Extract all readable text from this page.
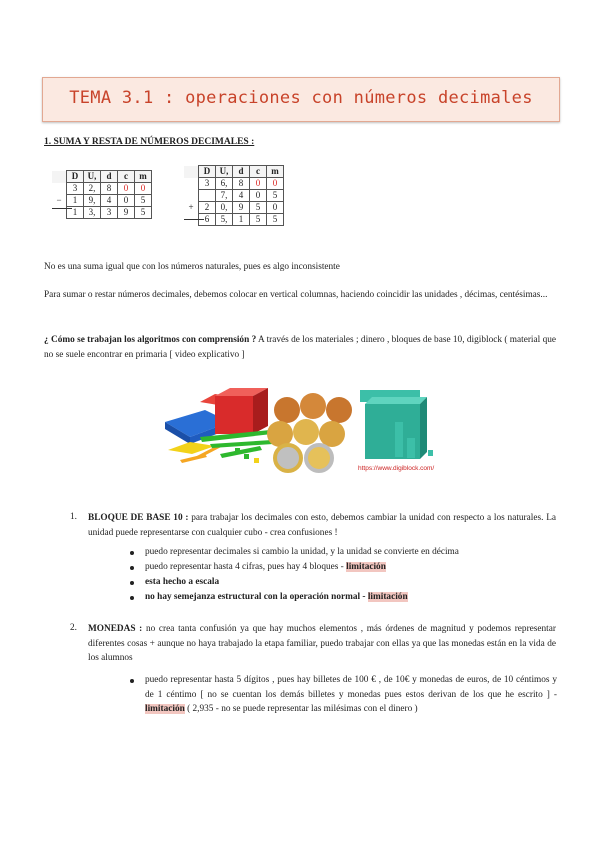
TEMA 3.1 : operaciones con números decimales
1. SUMA Y RESTA DE NÚMEROS DECIMALES :
	D	U,	d	c	m
	3	2,	8	0	0
−	1	9,	4	0	5
	1	3,	3	9	5
	D	U,	d	c	m
	3	6,	8	0	0
		7,	4	0	5
+	2	0,	9	5	0
	6	5,	1	5	5

No es una suma igual que con los números naturales, pues es algo inconsistente

Para sumar o restar números decimales, debemos colocar en vertical columnas, haciendo coincidir las unidades , décimas, centésimas...

¿ Cómo se trabajan los algoritmos con comprensión ? A través de los materiales ; dinero , bloques de base 10, digiblock ( material que no se suele encontrar en primaria [ video explicativo ]

https://www.digiblock.com/
1. BLOQUE DE BASE 10 : para trabajar los decimales con esto, debemos cambiar la unidad con respecto a los naturales. La unidad puede representarse con cualquier cubo - crea confusiones !

puedo representar decimales si cambio la unidad, y la unidad se convierte en décima

puedo representar hasta 4 cifras, pues hay 4 bloques - limitación

esta hecho a escala

no hay semejanza estructural con la operación normal - limitación

2. MONEDAS : no crea tanta confusión ya que hay muchos elementos , más órdenes de magnitud y podemos representar diferentes cosas + aunque no haya trabajado la etapa familiar, puedo trabajar con ellas ya que las monedas están en la vida de los alumnos

puedo representar hasta 5 dígitos , pues hay billetes de 100 € , de 10€ y monedas de euros, de 10 céntimos y de 1 céntimo [ no se cuentan los demás billetes y monedas pues estos derivan de los que he escrito ] - limitación ( 2,935 - no se puede representar las milésimas con el dinero )
